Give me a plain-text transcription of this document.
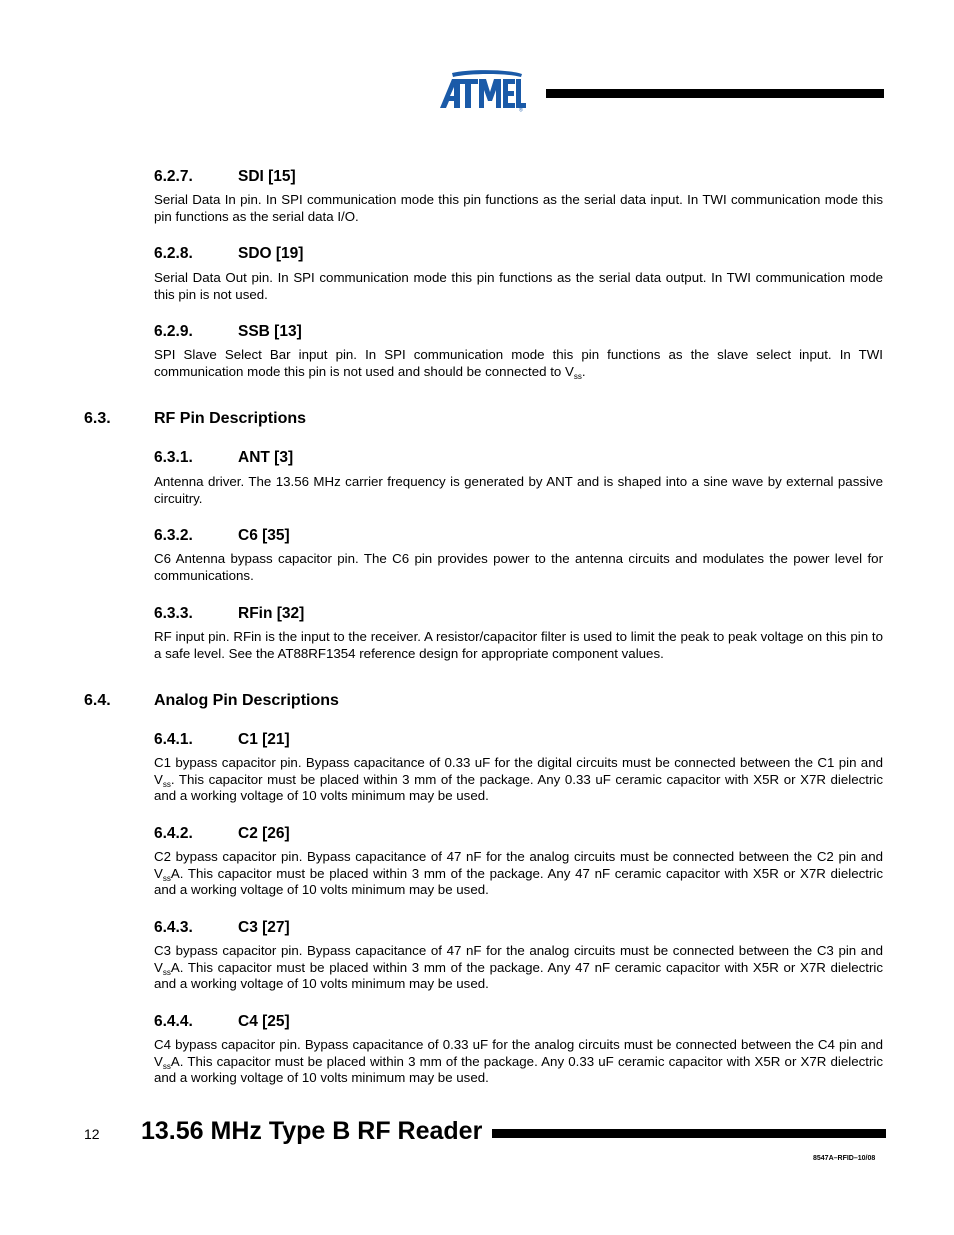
®
6.2.7.	SDI [15]

Serial Data In pin. In SPI communication mode this pin functions as the serial data input. In TWI communication mode this pin functions as the serial data I/O.

6.2.8.	SDO [19]

Serial Data Out pin. In SPI communication mode this pin functions as the serial data output. In TWI communication mode this pin is not used.

6.2.9.	SSB [13]

SPI Slave Select Bar input pin. In SPI communication mode this pin functions as the slave select input. In TWI communication mode this pin is not used and should be connected to $V_{ss}$.

6.3.	RF Pin Descriptions
6.3.1.	ANT [3]

Antenna driver. The 13.56 MHz carrier frequency is generated by ANT and is shaped into a sine wave by external passive circuitry.

6.3.2.	C6 [35]

C6 Antenna bypass capacitor pin. The C6 pin provides power to the antenna circuits and modulates the power level for communications.

6.3.3.	RFin [32]

RF input pin. RFin is the input to the receiver. A resistor/capacitor filter is used to limit the peak to peak voltage on this pin to a safe level. See the AT88RF1354 reference design for appropriate component values.

6.4.	Analog Pin Descriptions
6.4.1.	C1 [21]

C1 bypass capacitor pin. Bypass capacitance of 0.33 uF for the digital circuits must be connected between the C1 pin and $V_{ss}$. This capacitor must be placed within 3 mm of the package. Any 0.33 uF ceramic capacitor with X5R or X7R dielectric and a working voltage of 10 volts minimum may be used.

6.4.2.	C2 [26]

C2 bypass capacitor pin. Bypass capacitance of 47 nF for the analog circuits must be connected between the C2 pin and $V_{ss}A$. This capacitor must be placed within 3 mm of the package. Any 47 nF ceramic capacitor with X5R or X7R dielectric and a working voltage of 10 volts minimum may be used.

6.4.3.	C3 [27]

C3 bypass capacitor pin. Bypass capacitance of 47 nF for the analog circuits must be connected between the C3 pin and $V_{ss}A$. This capacitor must be placed within 3 mm of the package. Any 47 nF ceramic capacitor with X5R or X7R dielectric and a working voltage of 10 volts minimum may be used.

6.4.4.	C4 [25]

C4 bypass capacitor pin. Bypass capacitance of 0.33 uF for the analog circuits must be connected between the C4 pin and $V_{ss}A$. This capacitor must be placed within 3 mm of the package. Any 0.33 uF ceramic capacitor with X5R or X7R dielectric and a working voltage of 10 volts minimum may be used.

12 13.56 MHz Type B RF Reader
8547A–RFID–10/08
